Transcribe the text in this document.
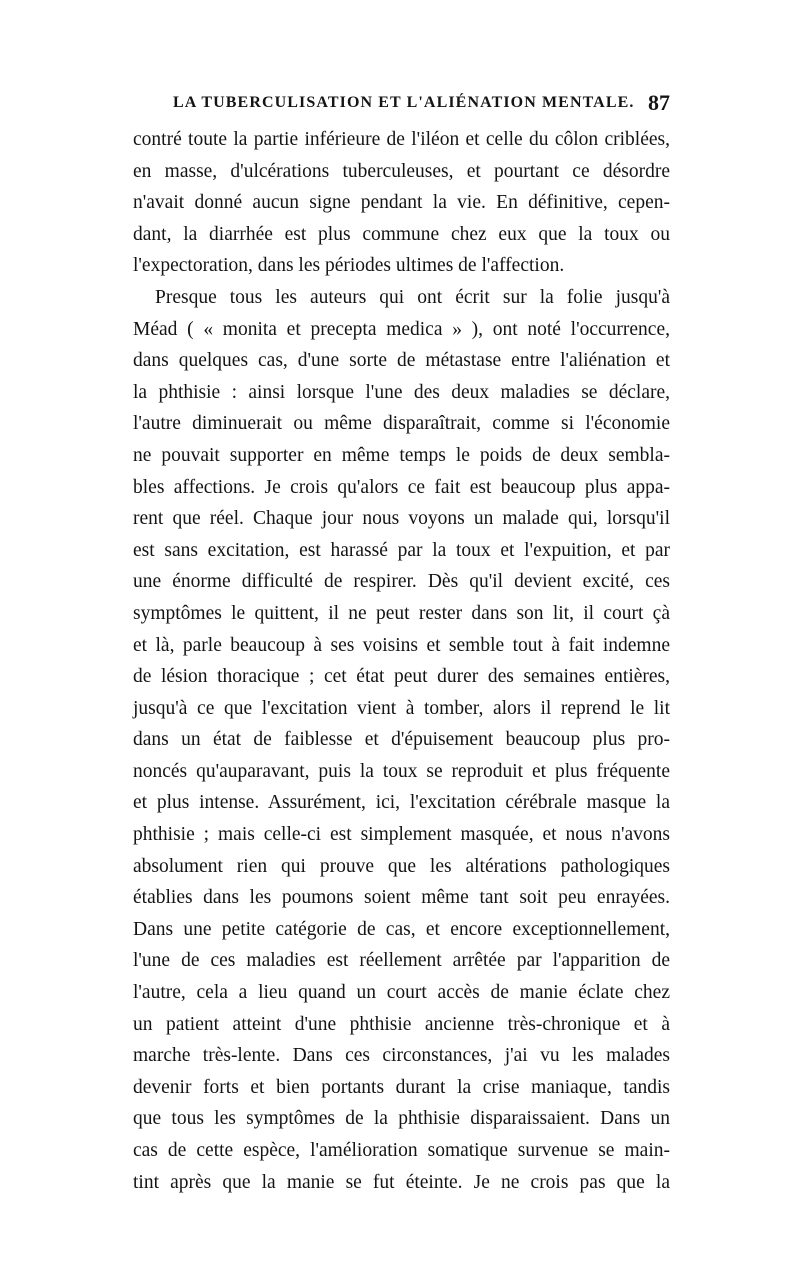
LA TUBERCULISATION ET L'ALIÉNATION MENTALE. 87
contré toute la partie inférieure de l'iléon et celle du côlon criblées,
en masse, d'ulcérations tuberculeuses, et pourtant ce désordre
n'avait donné aucun signe pendant la vie. En définitive, cepen-
dant, la diarrhée est plus commune chez eux que la toux ou
l'expectoration, dans les périodes ultimes de l'affection.
Presque tous les auteurs qui ont écrit sur la folie jusqu'à
Méad ( « monita et precepta medica » ), ont noté l'occurrence,
dans quelques cas, d'une sorte de métastase entre l'aliénation et
la phthisie : ainsi lorsque l'une des deux maladies se déclare,
l'autre diminuerait ou même disparaîtrait, comme si l'économie
ne pouvait supporter en même temps le poids de deux sembla-
bles affections. Je crois qu'alors ce fait est beaucoup plus appa-
rent que réel. Chaque jour nous voyons un malade qui, lorsqu'il
est sans excitation, est harassé par la toux et l'expuition, et par
une énorme difficulté de respirer. Dès qu'il devient excité, ces
symptômes le quittent, il ne peut rester dans son lit, il court çà
et là, parle beaucoup à ses voisins et semble tout à fait indemne
de lésion thoracique ; cet état peut durer des semaines entières,
jusqu'à ce que l'excitation vient à tomber, alors il reprend le lit
dans un état de faiblesse et d'épuisement beaucoup plus pro-
noncés qu'auparavant, puis la toux se reproduit et plus fréquente
et plus intense. Assurément, ici, l'excitation cérébrale masque la
phthisie ; mais celle-ci est simplement masquée, et nous n'avons
absolument rien qui prouve que les altérations pathologiques
établies dans les poumons soient même tant soit peu enrayées.
Dans une petite catégorie de cas, et encore exceptionnellement,
l'une de ces maladies est réellement arrêtée par l'apparition de
l'autre, cela a lieu quand un court accès de manie éclate chez
un patient atteint d'une phthisie ancienne très-chronique et à
marche très-lente. Dans ces circonstances, j'ai vu les malades
devenir forts et bien portants durant la crise maniaque, tandis
que tous les symptômes de la phthisie disparaissaient. Dans un
cas de cette espèce, l'amélioration somatique survenue se main-
tint après que la manie se fut éteinte. Je ne crois pas que la
